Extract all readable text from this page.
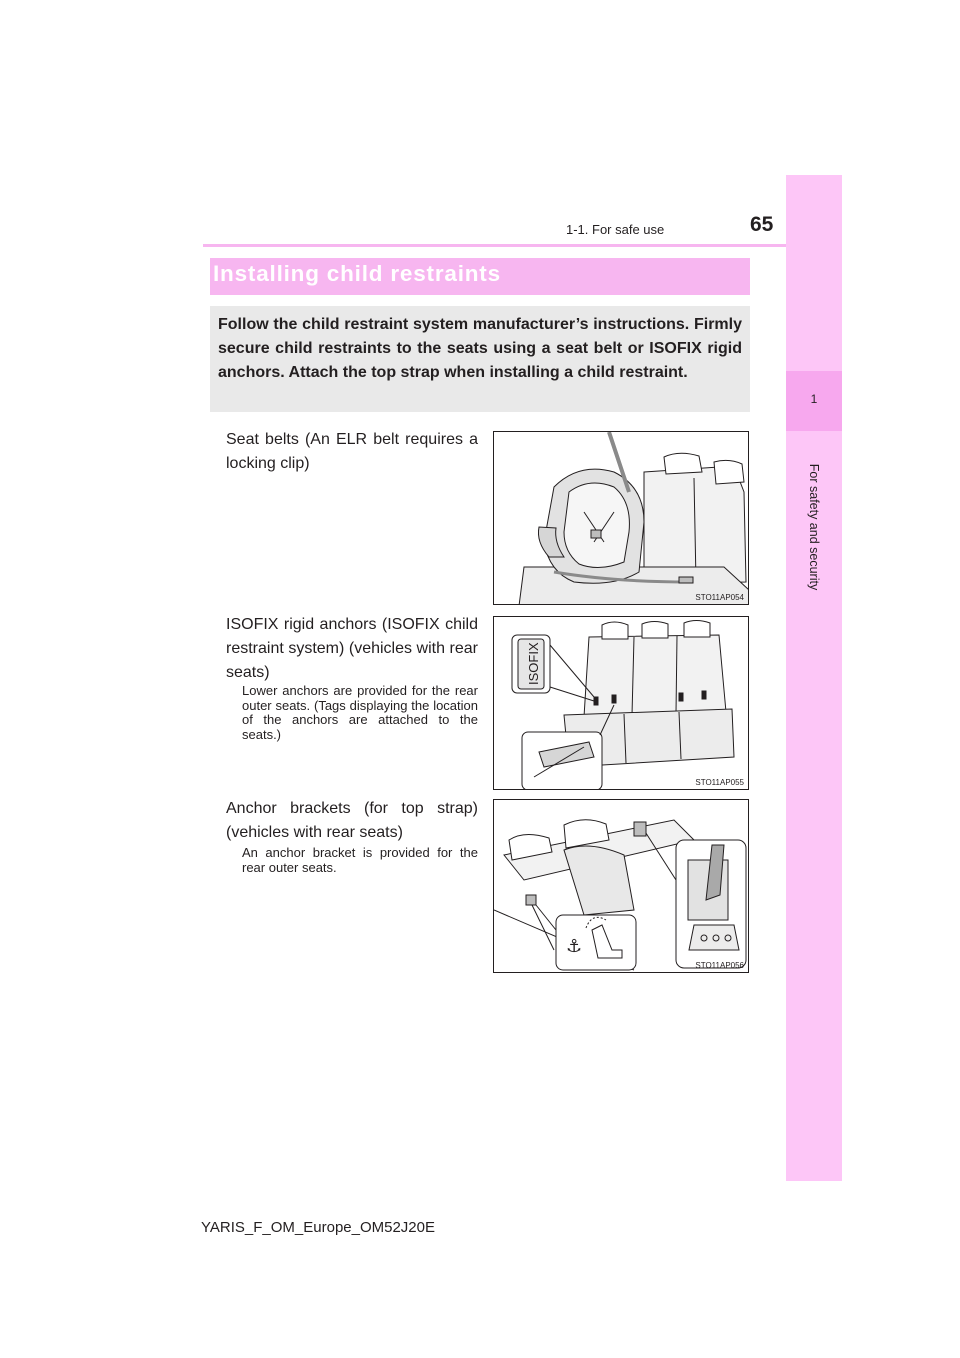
1-1. For safe use	65
1
For safety and security
Installing child restraints
Follow the child restraint system manufacturer’s instructions. Firmly secure child restraints to the seats using a seat belt or ISOFIX rigid anchors. Attach the top strap when installing a child restraint.
Seat belts (An ELR belt requires a locking clip)
STO11AP054
ISOFIX rigid anchors (ISOFIX child restraint system) (vehicles with rear seats)
Lower anchors are provided for the rear outer seats. (Tags displaying the location of the anchors are attached to the seats.)
ISOFIX
STO11AP055
Anchor brackets (for top strap) (vehicles with rear seats)
An anchor bracket is provided for the rear outer seats.
⚓
STO11AP056
YARIS_F_OM_Europe_OM52J20E
